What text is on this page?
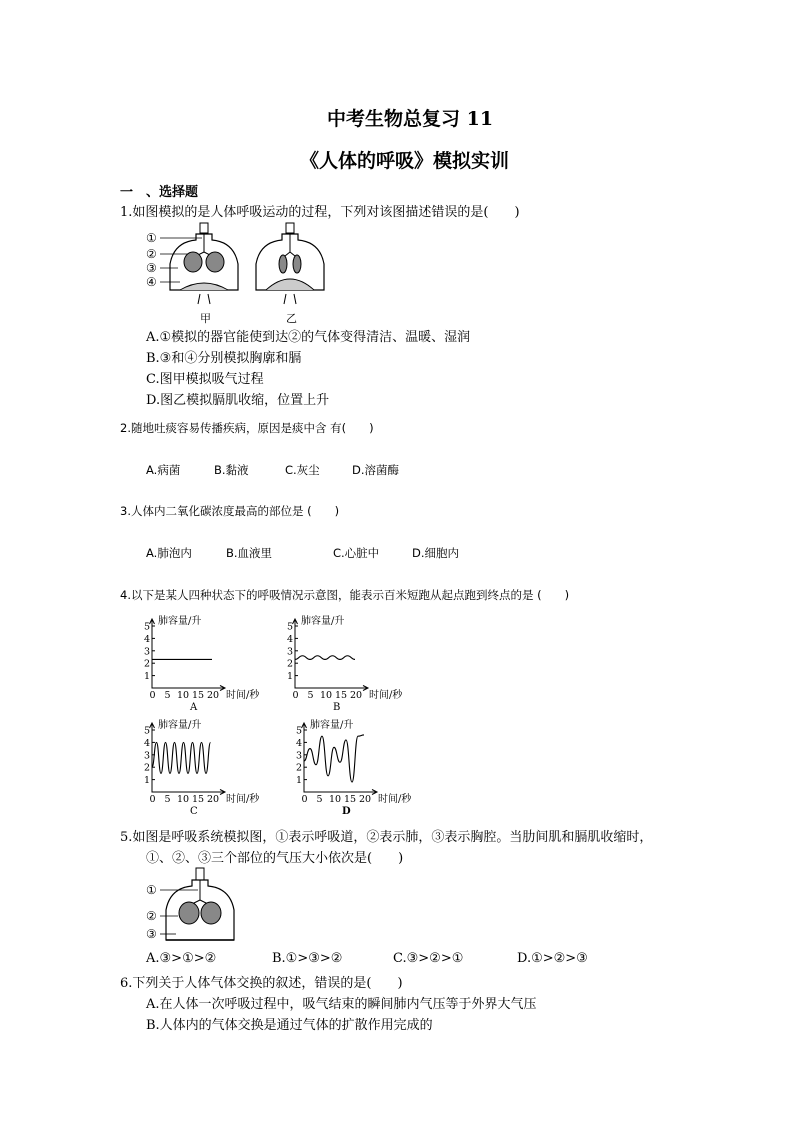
中考生物总复习 11
《人体的呼吸》模拟实训
一　、选择题
1.如图模拟的是人体呼吸运动的过程，下列对该图描述错误的是(　　)
①
②
③
④
甲	乙
A.①模拟的器官能使到达②的气体变得清洁、温暖、湿润
B.③和④分别模拟胸廓和膈
C.图甲模拟吸气过程
D.图乙模拟膈肌收缩，位置上升
2.随地吐痰容易传播疾病，原因是痰中含 有(　　)
A.病菌	B.黏液	C.灰尘	D.溶菌酶
3.人体内二氧化碳浓度最高的部位是 (　　)
A.肺泡内	B.血液里	C.心脏中	D.细胞内
4.以下是某人四种状态下的呼吸情况示意图，能表示百米短跑从起点跑到终点的是 (　　)
肺容量/升
时间/秒
1
2
3
4
5
0 5 10 15 20
A
肺容量/升
时间/秒
1
2
3
4
5
0 5 10 15 20
B
肺容量/升
时间/秒
1
2
3
4
5
0 5 10 15 20
C
肺容量/升
时间/秒
1
2
3
4
5
0 5 10 15 20
D
5.如图是呼吸系统模拟图，①表示呼吸道，②表示肺，③表示胸腔。当肋间肌和膈肌收缩时，
①、②、③三个部位的气压大小依次是(　　)
①
②
③
A.③>①>②	B.①>③>②	C.③>②>①	D.①>②>③
6.下列关于人体气体交换的叙述，错误的是(　　)
A.在人体一次呼吸过程中，吸气结束的瞬间肺内气压等于外界大气压
B.人体内的气体交换是通过气体的扩散作用完成的
